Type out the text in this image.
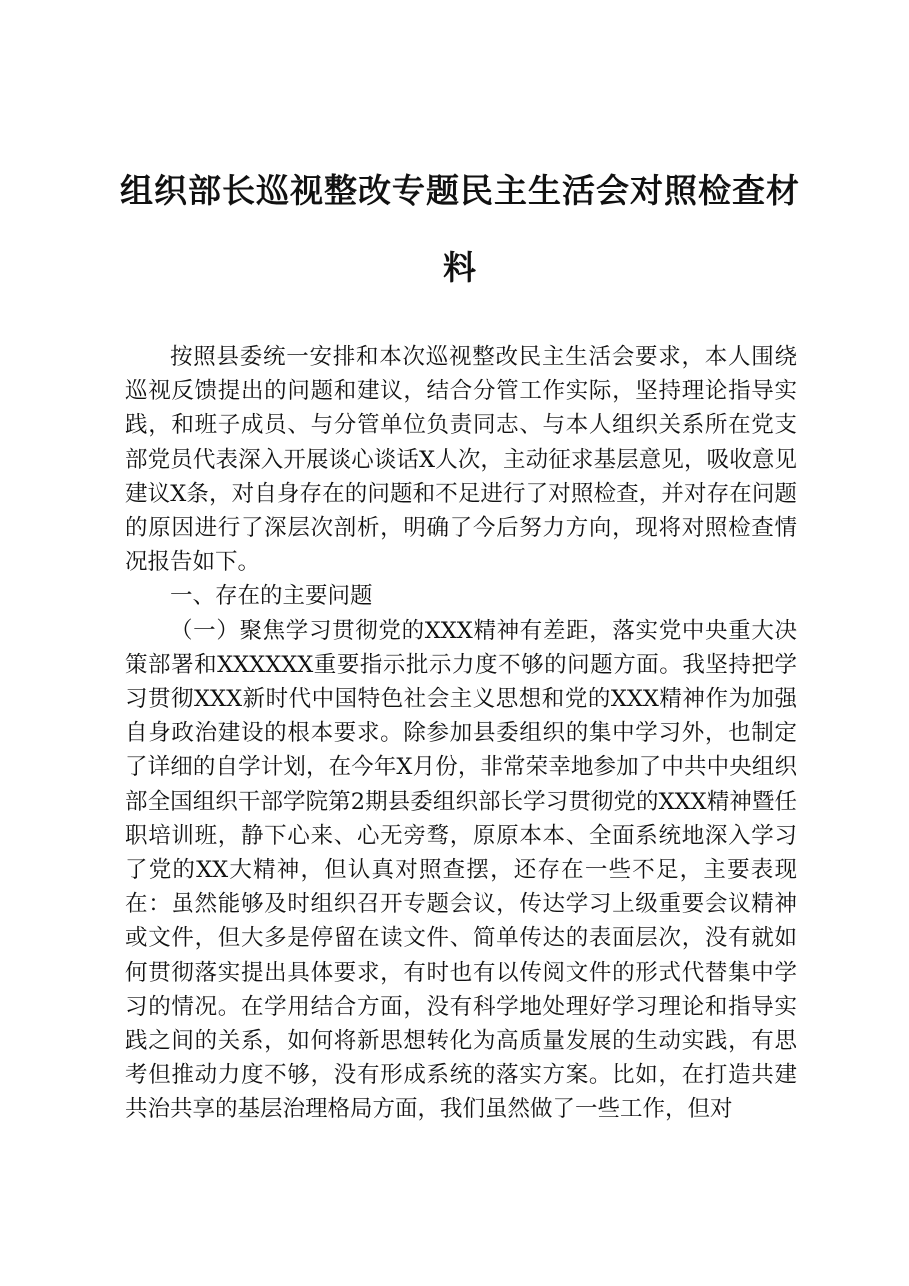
组织部长巡视整改专题民主生活会对照检查材料

按照县委统一安排和本次巡视整改民主生活会要求，本人围绕巡视反馈提出的问题和建议，结合分管工作实际，坚持理论指导实践，和班子成员、与分管单位负责同志、与本人组织关系所在党支部党员代表深入开展谈心谈话X人次，主动征求基层意见，吸收意见建议X条，对自身存在的问题和不足进行了对照检查，并对存在问题的原因进行了深层次剖析，明确了今后努力方向，现将对照检查情况报告如下。

一、存在的主要问题

（一）聚焦学习贯彻党的XXX精神有差距，落实党中央重大决策部署和XXXXXX重要指示批示力度不够的问题方面。我坚持把学习贯彻XXX新时代中国特色社会主义思想和党的XXX精神作为加强自身政治建设的根本要求。除参加县委组织的集中学习外，也制定了详细的自学计划，在今年X月份，非常荣幸地参加了中共中央组织部全国组织干部学院第2期县委组织部长学习贯彻党的XXX精神暨任职培训班，静下心来、心无旁骛，原原本本、全面系统地深入学习了党的XX大精神，但认真对照查摆，还存在一些不足，主要表现在：虽然能够及时组织召开专题会议，传达学习上级重要会议精神或文件，但大多是停留在读文件、简单传达的表面层次，没有就如何贯彻落实提出具体要求，有时也有以传阅文件的形式代替集中学习的情况。在学用结合方面，没有科学地处理好学习理论和指导实践之间的关系，如何将新思想转化为高质量发展的生动实践，有思考但推动力度不够，没有形成系统的落实方案。比如，在打造共建共治共享的基层治理格局方面，我们虽然做了一些工作，但对
